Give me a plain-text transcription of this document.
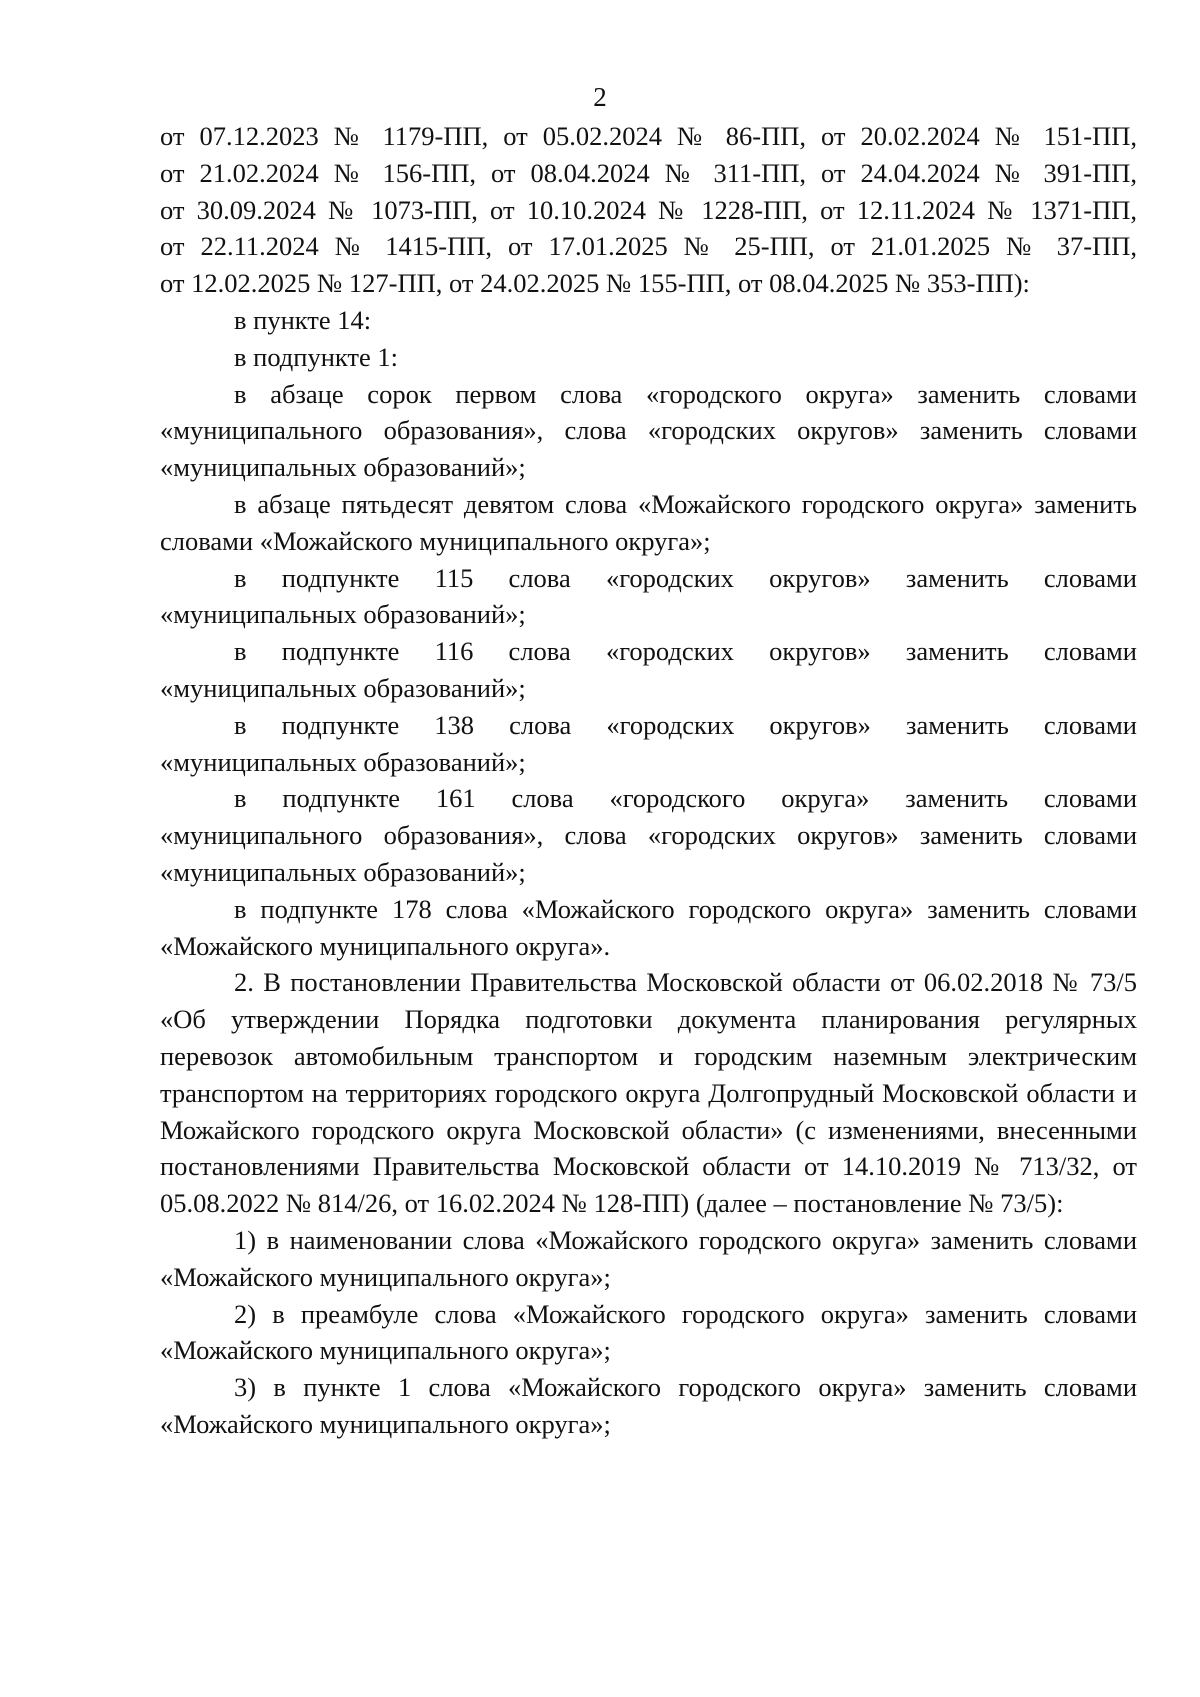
2
от 07.12.2023 № 1179-ПП, от 05.02.2024 № 86-ПП, от 20.02.2024 № 151-ПП,
от 21.02.2024 № 156-ПП, от 08.04.2024 № 311-ПП, от 24.04.2024 № 391-ПП,
от 30.09.2024 № 1073-ПП, от 10.10.2024 № 1228-ПП, от 12.11.2024 № 1371-ПП,
от 22.11.2024 № 1415-ПП, от 17.01.2025 № 25-ПП, от 21.01.2025 № 37-ПП,
от 12.02.2025 № 127-ПП, от 24.02.2025 № 155-ПП, от 08.04.2025 № 353-ПП):

в пункте 14:

в подпункте 1:

в абзаце сорок первом слова «городского округа» заменить словами «муниципального образования», слова «городских округов» заменить словами «муниципальных образований»;

в абзаце пятьдесят девятом слова «Можайского городского округа» заменить словами «Можайского муниципального округа»;

в подпункте 115 слова «городских округов» заменить словами «муниципальных образований»;

в подпункте 116 слова «городских округов» заменить словами «муниципальных образований»;

в подпункте 138 слова «городских округов» заменить словами «муниципальных образований»;

в подпункте 161 слова «городского округа» заменить словами «муниципального образования», слова «городских округов» заменить словами «муниципальных образований»;

в подпункте 178 слова «Можайского городского округа» заменить словами «Можайского муниципального округа».

2. В постановлении Правительства Московской области от 06.02.2018 № 73/5 «Об утверждении Порядка подготовки документа планирования регулярных перевозок автомобильным транспортом и городским наземным электрическим транспортом на территориях городского округа Долгопрудный Московской области и Можайского городского округа Московской области» (с изменениями, внесенными постановлениями Правительства Московской области от 14.10.2019 № 713/32, от 05.08.2022 № 814/26, от 16.02.2024 № 128-ПП) (далее – постановление № 73/5):

1) в наименовании слова «Можайского городского округа» заменить словами «Можайского муниципального округа»;

2) в преамбуле слова «Можайского городского округа» заменить словами «Можайского муниципального округа»;

3) в пункте 1 слова «Можайского городского округа» заменить словами «Можайского муниципального округа»;
